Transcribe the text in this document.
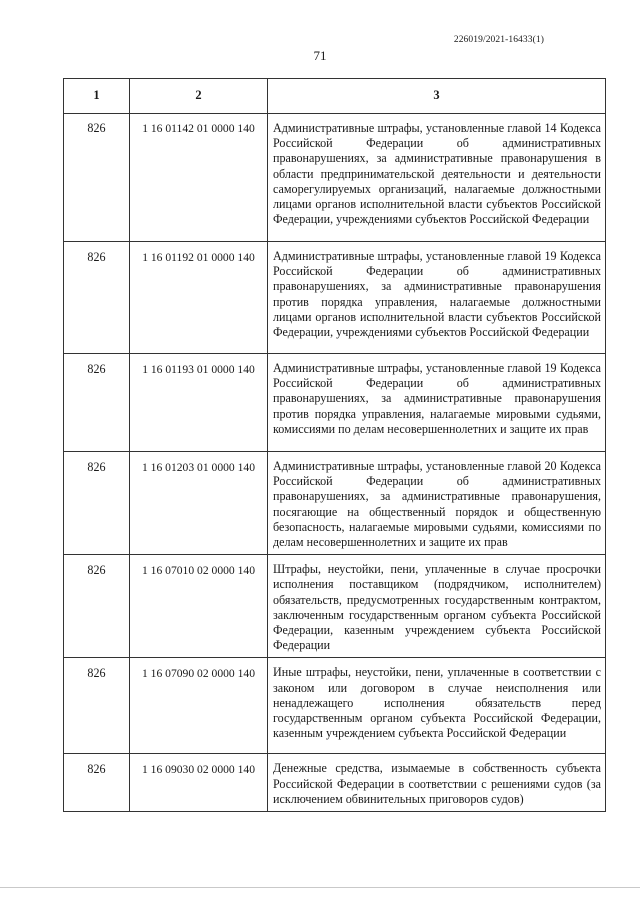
226019/2021-16433(1)
71
1	2	3
826	1 16 01142 01 0000 140	Административные штрафы, установленные главой 14 Кодекса Российской Федерации об административных правонарушениях, за административные правонарушения в области предпринимательской деятельности и деятельности саморегулируемых организаций, налагаемые должностными лицами органов исполнительной власти субъектов Российской Федерации, учреждениями субъектов Российской Федерации
826	1 16 01192 01 0000 140	Административные штрафы, установленные главой 19 Кодекса Российской Федерации об административных правонарушениях, за административные правонарушения против порядка управления, налагаемые должностными лицами органов исполнительной власти субъектов Российской Федерации, учреждениями субъектов Российской Федерации
826	1 16 01193 01 0000 140	Административные штрафы, установленные главой 19 Кодекса Российской Федерации об административных правонарушениях, за административные правонарушения против порядка управления, налагаемые мировыми судьями, комиссиями по делам несовершеннолетних и защите их прав
826	1 16 01203 01 0000 140	Административные штрафы, установленные главой 20 Кодекса Российской Федерации об административных правонарушениях, за административные правонарушения, посягающие на общественный порядок и общественную безопасность, налагаемые мировыми судьями, комиссиями по делам несовершеннолетних и защите их прав
826	1 16 07010 02 0000 140	Штрафы, неустойки, пени, уплаченные в случае просрочки исполнения поставщиком (подрядчиком, исполнителем) обязательств, предусмотренных государственным контрактом, заключенным государственным органом субъекта Российской Федерации, казенным учреждением субъекта Российской Федерации
826	1 16 07090 02 0000 140	Иные штрафы, неустойки, пени, уплаченные в соответствии с законом или договором в случае неисполнения или ненадлежащего исполнения обязательств перед государственным органом субъекта Российской Федерации, казенным учреждением субъекта Российской Федерации
826	1 16 09030 02 0000 140	Денежные средства, изымаемые в собственность субъекта Российской Федерации в соответствии с решениями судов (за исключением обвинительных приговоров судов)
